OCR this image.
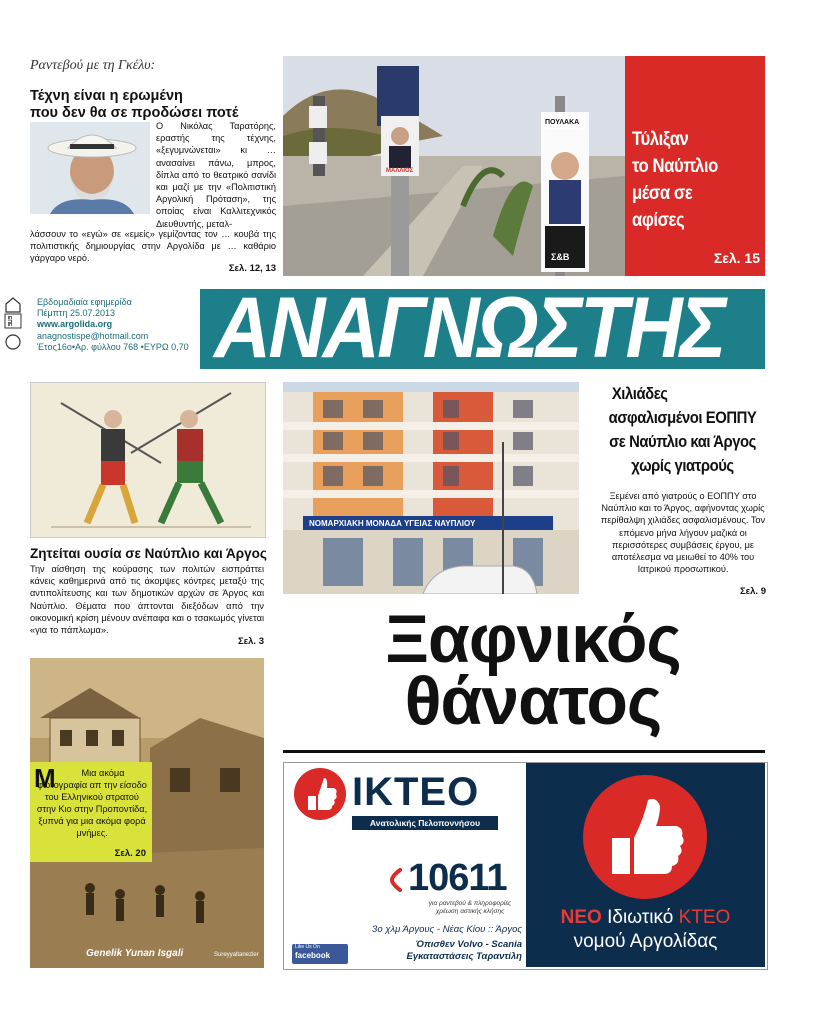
Ραντεβού με τη Γκέλυ:
Τέχνη είναι η ερωμένη
που δεν θα σε προδώσει ποτέ

Ο Νικόλας Ταρατόρης, εραστής της τέχνης, «ξεγυμνώνεται» κι … ανασαίνει πάνω, μπρος, δίπλα από το θεατρικό σανίδι και μαζί με την «Πολιτιστική Αργολική Πρόταση», της οποίας είναι Καλλιτεχνικός Διευθυντής, μεταλ-

λάσσουν το «εγώ» σε «εμείς» γεμίζοντας τον … κουβά της πολιτιστικής δημιουργίας στην Αργολίδα με … καθάριο γάργαρο νερό.

Σελ. 12, 13
ΜΑΛΛΙΟΣ
ΠΟΥΛΑΚΑ
Σ&Β
Τύλιξαν
το Ναύπλιο
μέσα σε αφίσες
Σελ. 15
ΕΠΕ
Εβδομαδιαία εφημερίδα
Πέμπτη 25.07.2013
www.argolida.org
anagnostispe@hotmail.com
Έτος16ο•Αρ. φύλλου 768 •ΕΥΡΩ 0,70 ΑΝΑΓΝΩΣΤΗΣ	ΠΕΛΟΠΟΝΝΗΣΟΥ
Ζητείται ουσία σε Ναύπλιο και Άργος

Την αίσθηση της κούρασης των πολιτών εισπράττει κάνεις καθημερινά από τις άκομψες κόντρες μεταξύ της αντιπολίτευσης και των δημοτικών αρχών σε Άργος και Ναύπλιο. Θέματα που άπτονται διεξόδων από την οικονομική κρίση μένουν ανέπαφα και ο τσακωμός γίνεται «για το πάπλωμα».

Σελ. 3
ΝΟΜΑΡΧΙΑΚΗ ΜΟΝΑΔΑ ΥΓΕΙΑΣ ΝΑΥΠΛΙΟΥ
Χιλιάδες
ασφαλισμένοι ΕΟΠΠΥ
σε Ναύπλιο και Άργος
χωρίς γιατρούς

Ξεμένει από γιατρούς ο ΕΟΠΠΥ στο Ναύπλιο και το Άργος, αφήνοντας χωρίς περίθαλψη χιλιάδες ασφαλισμένους. Τον επόμενο μήνα λήγουν μαζικά οι περισσότερες συμβάσεις έργου, με αποτέλεσμα να μειωθεί το 40% του Ιατρικού προσωπικού.

Σελ. 9
Ξαφνικός
θάνατος
Μ	Μια ακόμα φωτογραφία απ την είσοδο του Ελληνικού στρατού στην Κιο στην Προποντίδα, ξυπνά για μια ακόμα φορά μνήμες.

Σελ. 20
Genelik Yunan Isgali	Sureyyaltanezler
ΙΚΤΕΟ
Ανατολικής Πελοποννήσου
10611
για ραντεβού & πληροφορίες
χρέωση αστικής κλήσης
3ο χλμ Άργους - Νέας Κίου :: Άργος
Όπισθεν Volvo - Scania
Εγκαταστάσεις Ταραντίλη
Like Us On
facebook
ΝΕΟ Ιδιωτικό ΚΤΕΟ
νομού Αργολίδας
